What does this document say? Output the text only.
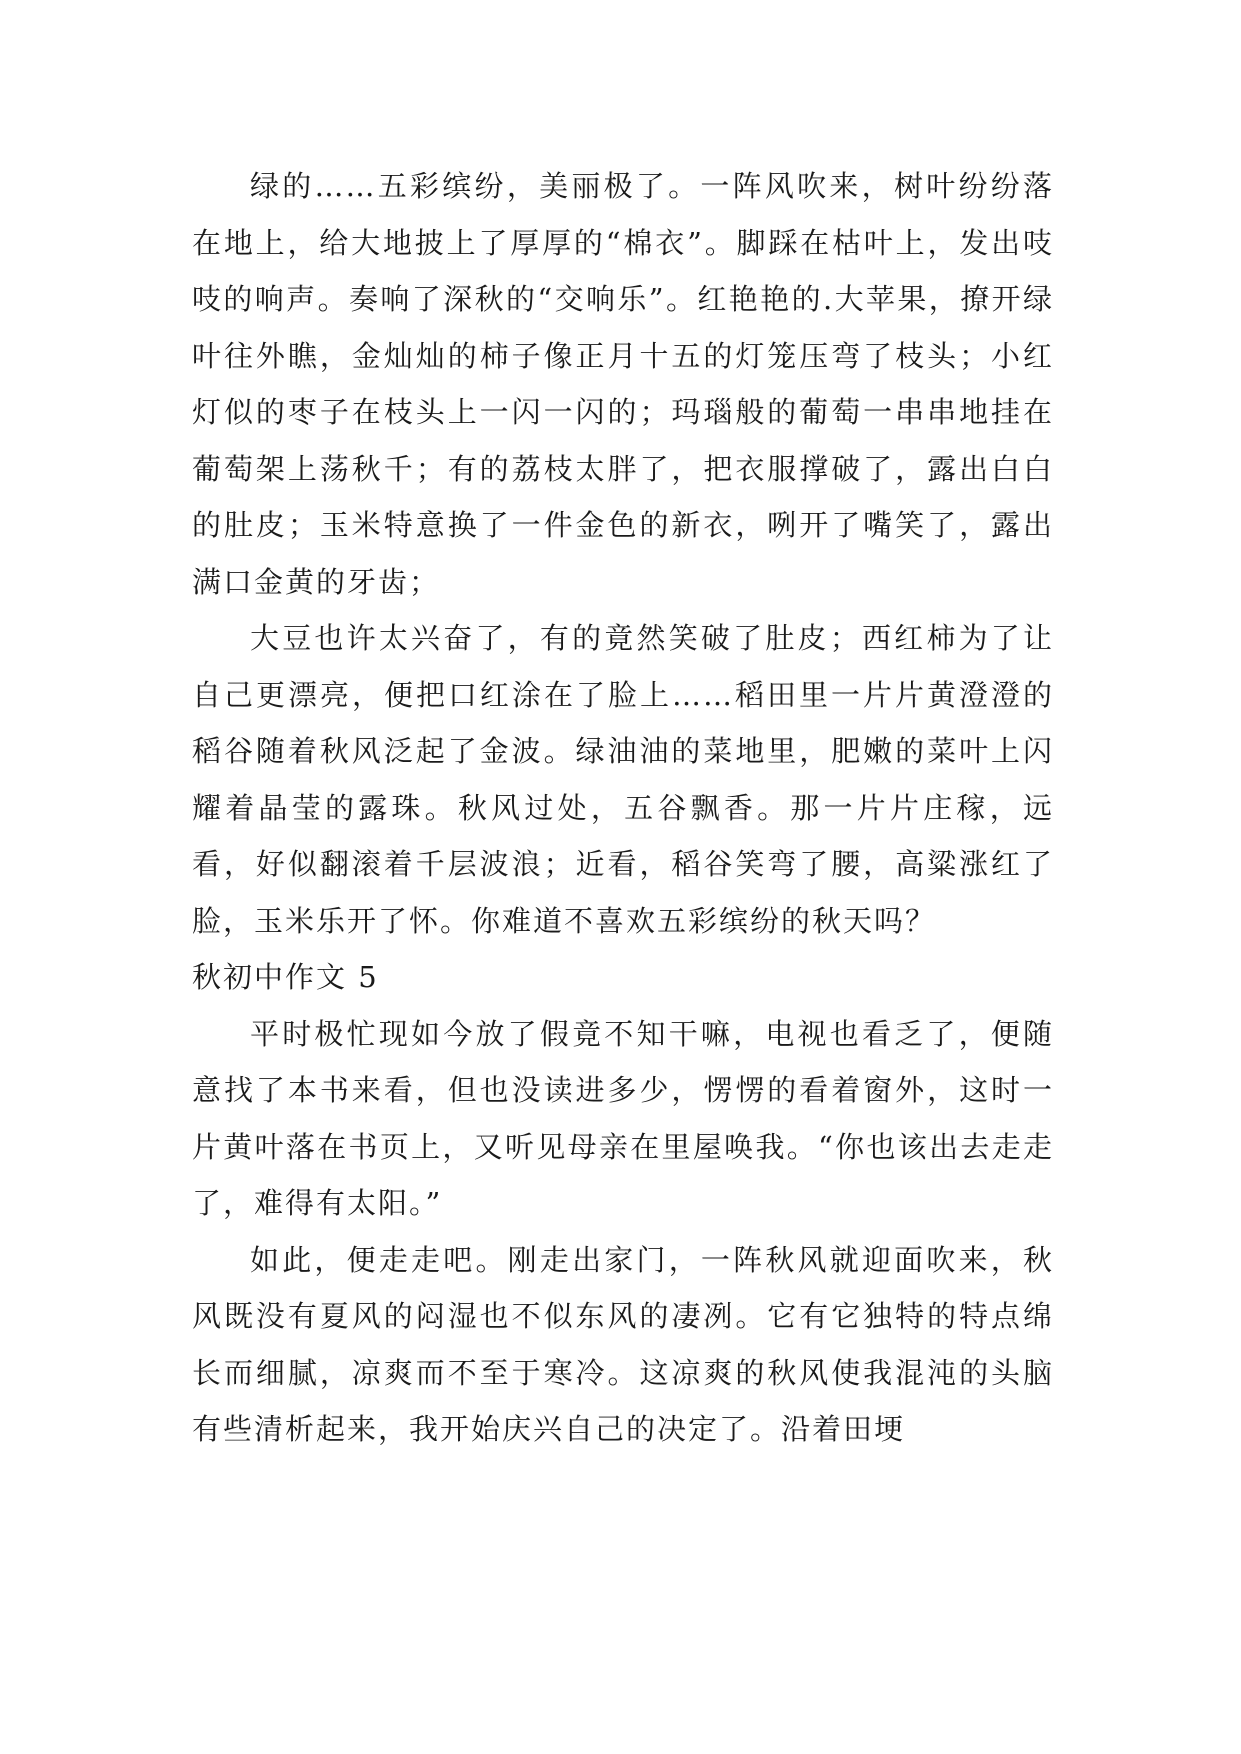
绿的……五彩缤纷，美丽极了。一阵风吹来，树叶纷纷落在地上，给大地披上了厚厚的“棉衣”。脚踩在枯叶上，发出吱吱的响声。奏响了深秋的“交响乐”。红艳艳的.大苹果，撩开绿叶往外瞧，金灿灿的柿子像正月十五的灯笼压弯了枝头；小红灯似的枣子在枝头上一闪一闪的；玛瑙般的葡萄一串串地挂在葡萄架上荡秋千；有的荔枝太胖了，把衣服撑破了，露出白白的肚皮；玉米特意换了一件金色的新衣，咧开了嘴笑了，露出满口金黄的牙齿；

大豆也许太兴奋了，有的竟然笑破了肚皮；西红柿为了让自己更漂亮，便把口红涂在了脸上……稻田里一片片黄澄澄的稻谷随着秋风泛起了金波。绿油油的菜地里，肥嫩的菜叶上闪耀着晶莹的露珠。秋风过处，五谷飘香。那一片片庄稼，远看，好似翻滚着千层波浪；近看，稻谷笑弯了腰，高粱涨红了脸，玉米乐开了怀。你难道不喜欢五彩缤纷的秋天吗？

秋初中作文 5

平时极忙现如今放了假竟不知干嘛，电视也看乏了，便随意找了本书来看，但也没读进多少，愣愣的看着窗外，这时一片黄叶落在书页上，又听见母亲在里屋唤我。“你也该出去走走了，难得有太阳。”

如此，便走走吧。刚走出家门，一阵秋风就迎面吹来，秋风既没有夏风的闷湿也不似东风的凄冽。它有它独特的特点绵长而细腻，凉爽而不至于寒冷。这凉爽的秋风使我混沌的头脑有些清析起来，我开始庆兴自己的决定了。沿着田埂
